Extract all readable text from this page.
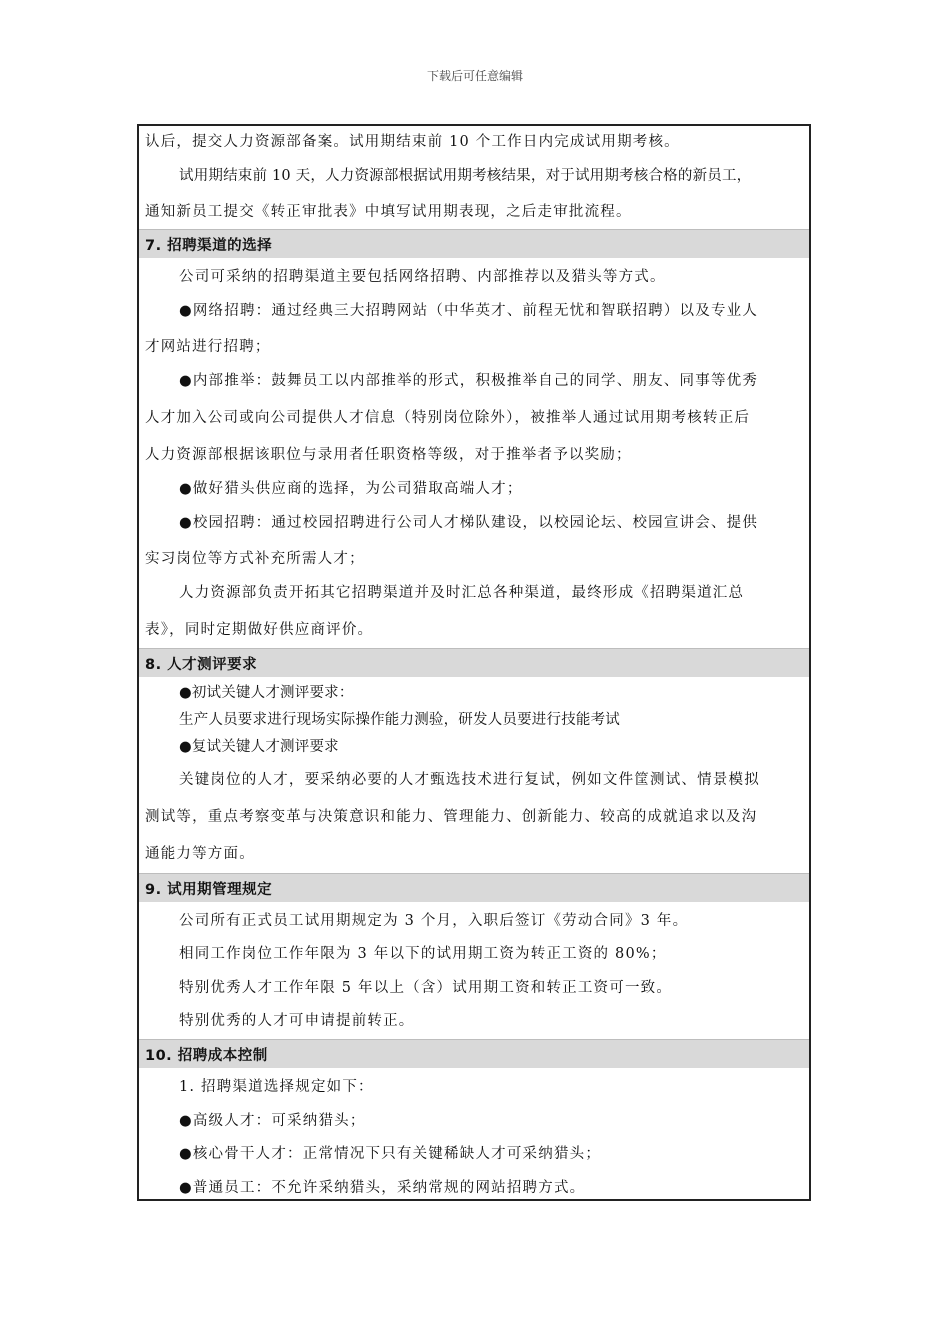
下载后可任意编辑
认后，提交人力资源部备案。试用期结束前 10 个工作日内完成试用期考核。
试用期结束前 10 天，人力资源部根据试用期考核结果，对于试用期考核合格的新员工，
通知新员工提交《转正审批表》中填写试用期表现，之后走审批流程。
7. 招聘渠道的选择
公司可采纳的招聘渠道主要包括网络招聘、内部推荐以及猎头等方式。
●网络招聘：通过经典三大招聘网站（中华英才、前程无忧和智联招聘）以及专业人
才网站进行招聘；
●内部推举：鼓舞员工以内部推举的形式，积极推举自己的同学、朋友、同事等优秀
人才加入公司或向公司提供人才信息（特别岗位除外），被推举人通过试用期考核转正后
人力资源部根据该职位与录用者任职资格等级，对于推举者予以奖励；
●做好猎头供应商的选择，为公司猎取高端人才；
●校园招聘：通过校园招聘进行公司人才梯队建设，以校园论坛、校园宣讲会、提供
实习岗位等方式补充所需人才；
人力资源部负责开拓其它招聘渠道并及时汇总各种渠道，最终形成《招聘渠道汇总
表》，同时定期做好供应商评价。
8. 人才测评要求
●初试关键人才测评要求：
生产人员要求进行现场实际操作能力测验，研发人员要进行技能考试
●复试关键人才测评要求
关键岗位的人才，要采纳必要的人才甄选技术进行复试，例如文件筐测试、情景模拟
测试等，重点考察变革与决策意识和能力、管理能力、创新能力、较高的成就追求以及沟
通能力等方面。
9. 试用期管理规定
公司所有正式员工试用期规定为 3 个月，入职后签订《劳动合同》3 年。
相同工作岗位工作年限为 3 年以下的试用期工资为转正工资的 80%；
特别优秀人才工作年限 5 年以上（含）试用期工资和转正工资可一致。
特别优秀的人才可申请提前转正。
10. 招聘成本控制
1. 招聘渠道选择规定如下：
●高级人才：可采纳猎头；
●核心骨干人才：正常情况下只有关键稀缺人才可采纳猎头；
●普通员工：不允许采纳猎头，采纳常规的网站招聘方式。
